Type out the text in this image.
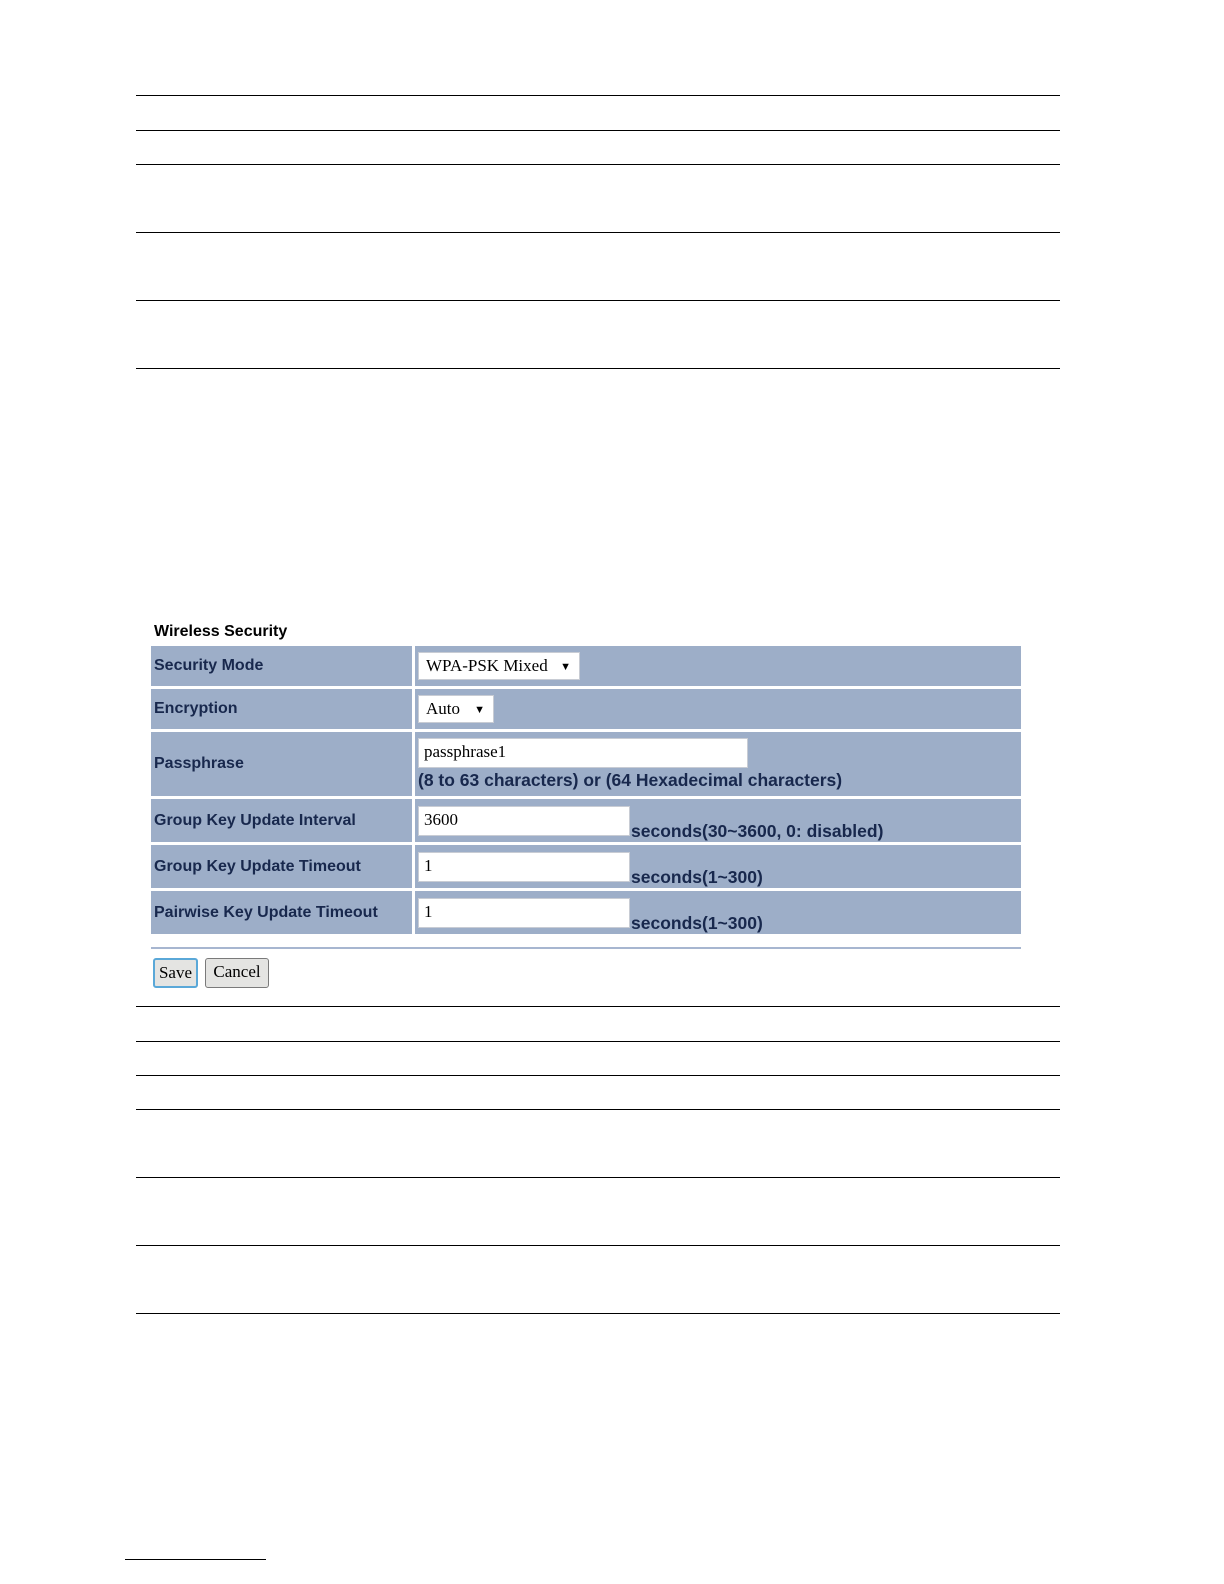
Wireless Security
Security Mode	WPA-PSK Mixed ▼

Encryption	Auto ▼

Passphrase	passphrase1
(8 to 63 characters) or (64 Hexadecimal characters)

Group Key Update Interval	3600seconds(30~3600, 0: disabled)
Group Key Update Timeout	1seconds(1~300)
Pairwise Key Update Timeout	1seconds(1~300)
Save	Cancel
